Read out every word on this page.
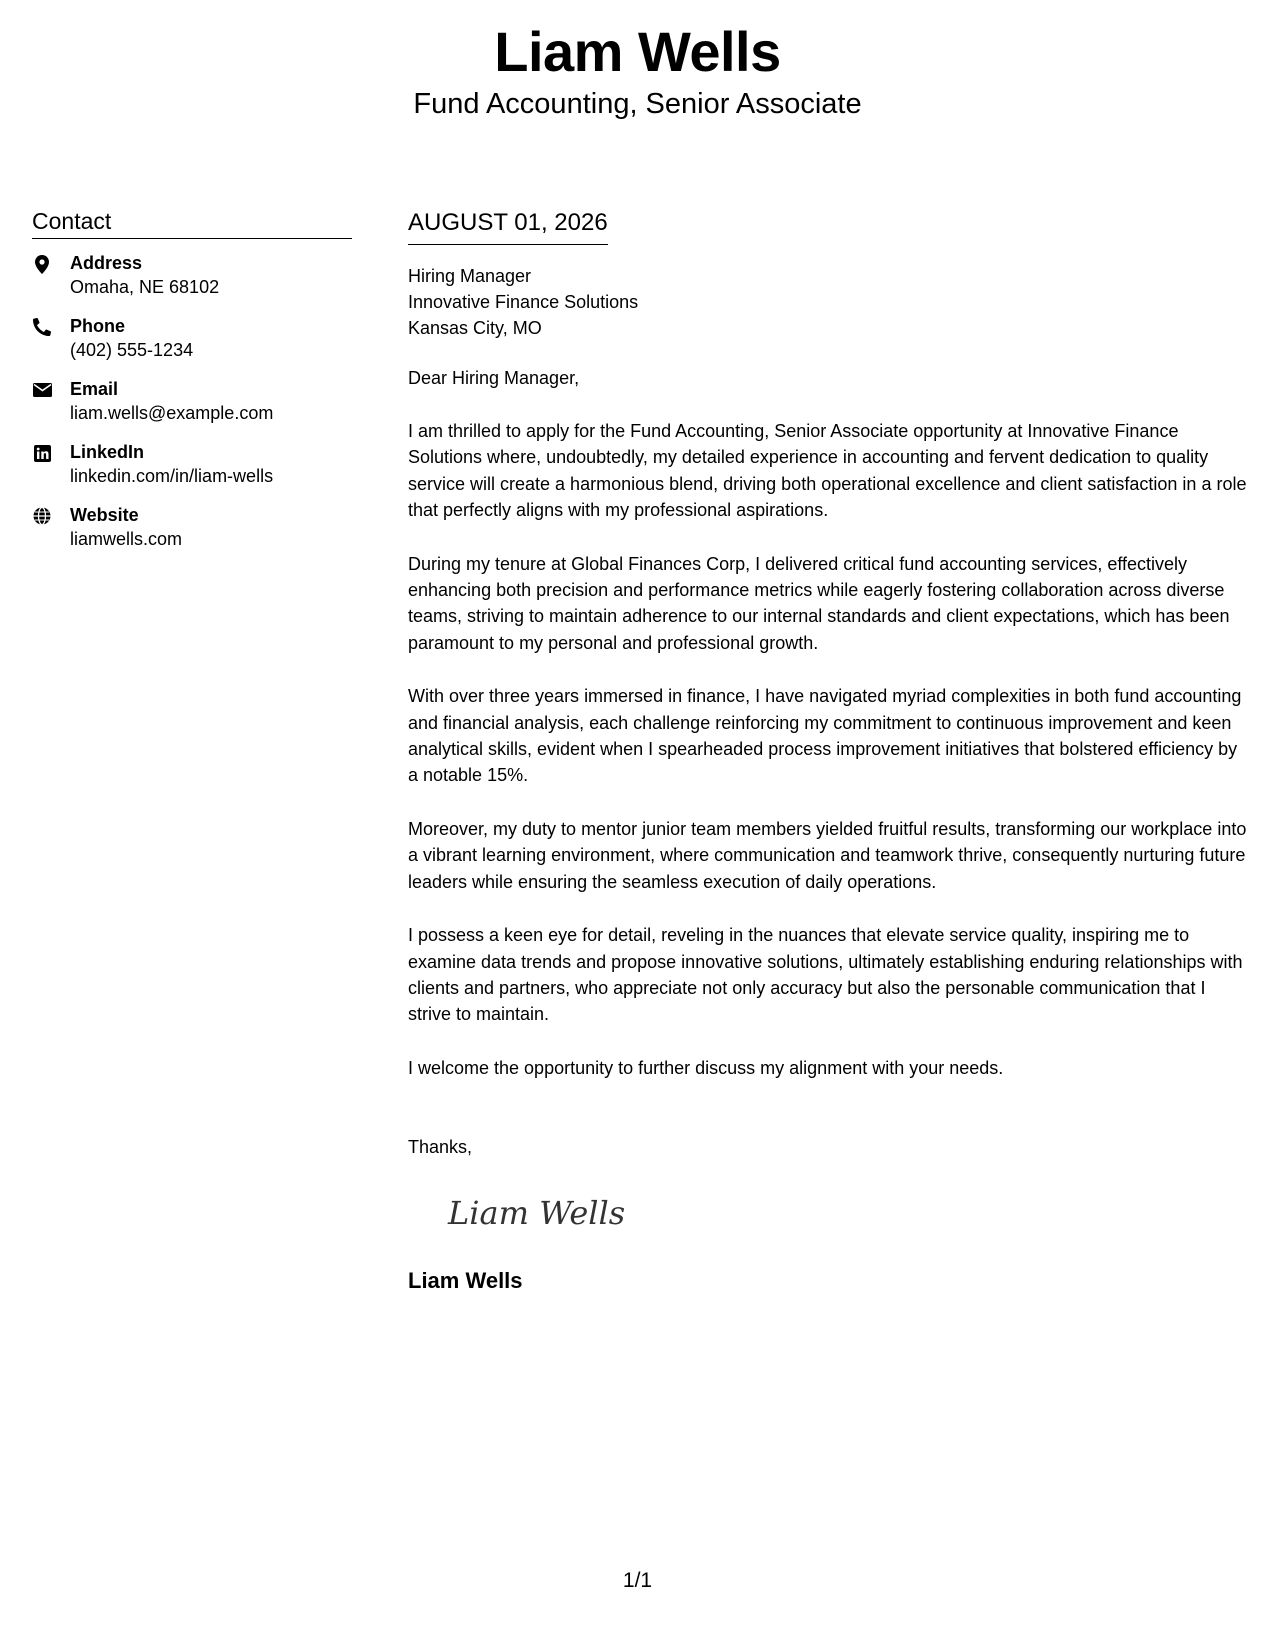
Liam Wells
Fund Accounting, Senior Associate
Contact
Address
Omaha, NE 68102
Phone
(402) 555-1234
Email
liam.wells@example.com
LinkedIn
linkedin.com/in/liam-wells
Website
liamwells.com
AUGUST 01, 2026
Hiring Manager
Innovative Finance Solutions
Kansas City, MO
Dear Hiring Manager,
I am thrilled to apply for the Fund Accounting, Senior Associate opportunity at Innovative Finance Solutions where, undoubtedly, my detailed experience in accounting and fervent dedication to quality service will create a harmonious blend, driving both operational excellence and client satisfaction in a role that perfectly aligns with my professional aspirations.
During my tenure at Global Finances Corp, I delivered critical fund accounting services, effectively enhancing both precision and performance metrics while eagerly fostering collaboration across diverse teams, striving to maintain adherence to our internal standards and client expectations, which has been paramount to my personal and professional growth.
With over three years immersed in finance, I have navigated myriad complexities in both fund accounting and financial analysis, each challenge reinforcing my commitment to continuous improvement and keen analytical skills, evident when I spearheaded process improvement initiatives that bolstered efficiency by a notable 15%.
Moreover, my duty to mentor junior team members yielded fruitful results, transforming our workplace into a vibrant learning environment, where communication and teamwork thrive, consequently nurturing future leaders while ensuring the seamless execution of daily operations.
I possess a keen eye for detail, reveling in the nuances that elevate service quality, inspiring me to examine data trends and propose innovative solutions, ultimately establishing enduring relationships with clients and partners, who appreciate not only accuracy but also the personable communication that I strive to maintain.
I welcome the opportunity to further discuss my alignment with your needs.
Thanks,
Liam Wells
Liam Wells
1/1
